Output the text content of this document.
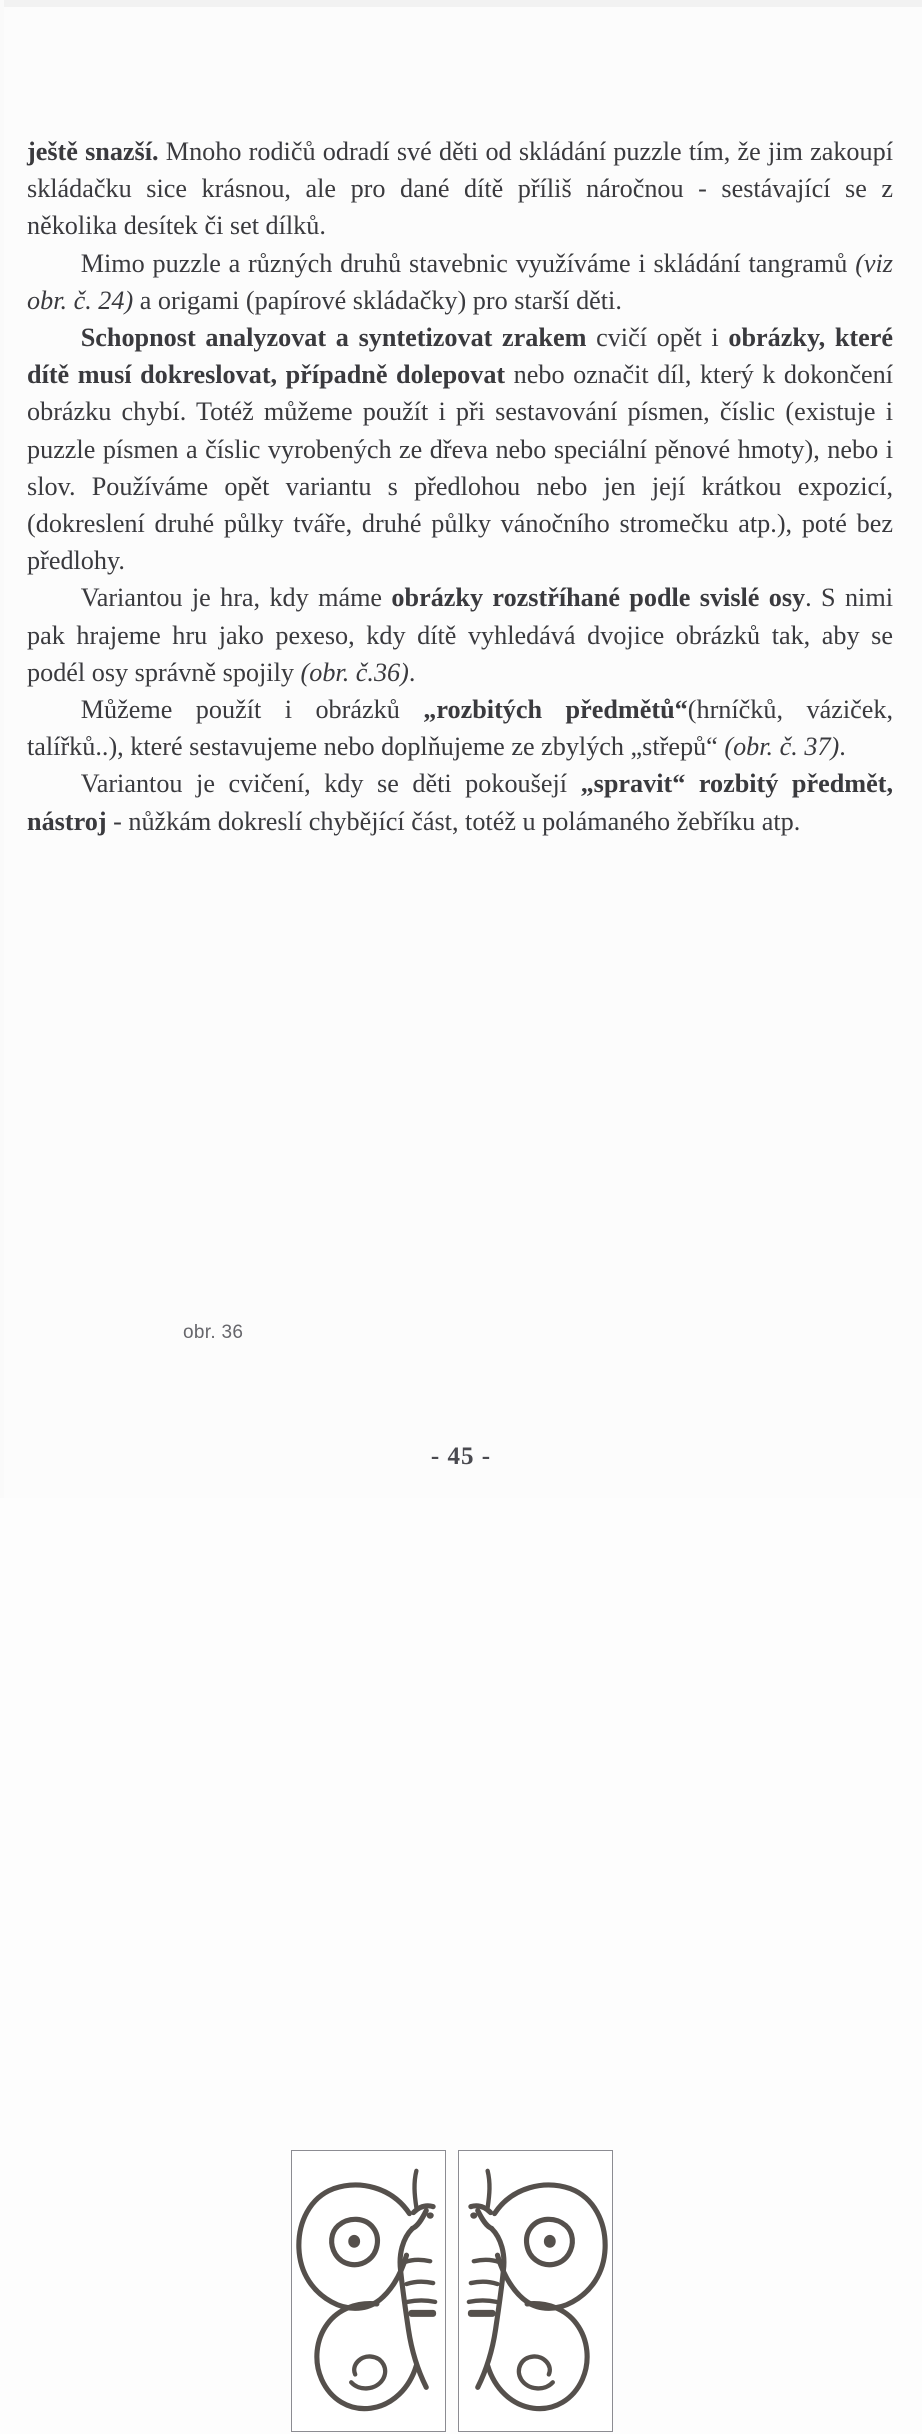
ještě snazší. Mnoho rodičů odradí své děti od skládání puzzle tím, že jim zakoupí skládačku sice krásnou, ale pro dané dítě příliš náročnou - sestávající se z několika desítek či set dílků.

Mimo puzzle a různých druhů stavebnic využíváme i skládání tangramů (viz obr. č. 24) a origami (papírové skládačky) pro starší děti.

Schopnost analyzovat a syntetizovat zrakem cvičí opět i obrázky, které dítě musí dokreslovat, případně dolepovat nebo označit díl, který k dokončení obrázku chybí. Totéž můžeme použít i při sestavování písmen, číslic (existuje i puzzle písmen a číslic vyrobených ze dřeva nebo speciální pěnové hmoty), nebo i slov. Používáme opět variantu s předlohou nebo jen její krátkou expozicí, (dokreslení druhé půlky tváře, druhé půlky vánočního stromečku atp.), poté bez předlohy.

Variantou je hra, kdy máme obrázky rozstříhané podle svislé osy. S nimi pak hrajeme hru jako pexeso, kdy dítě vyhledává dvojice obrázků tak, aby se podél osy správně spojily (obr. č.36).

Můžeme použít i obrázků „rozbitých předmětů“(hrníčků, váziček, talířků..), které sestavujeme nebo doplňujeme ze zbylých „střepů“ (obr. č. 37).

Variantou je cvičení, kdy se děti pokoušejí „spravit“ rozbitý předmět, nástroj - nůžkám dokreslí chybějící část, totéž u polámaného žebříku atp.

obr. 36
- 45 -
